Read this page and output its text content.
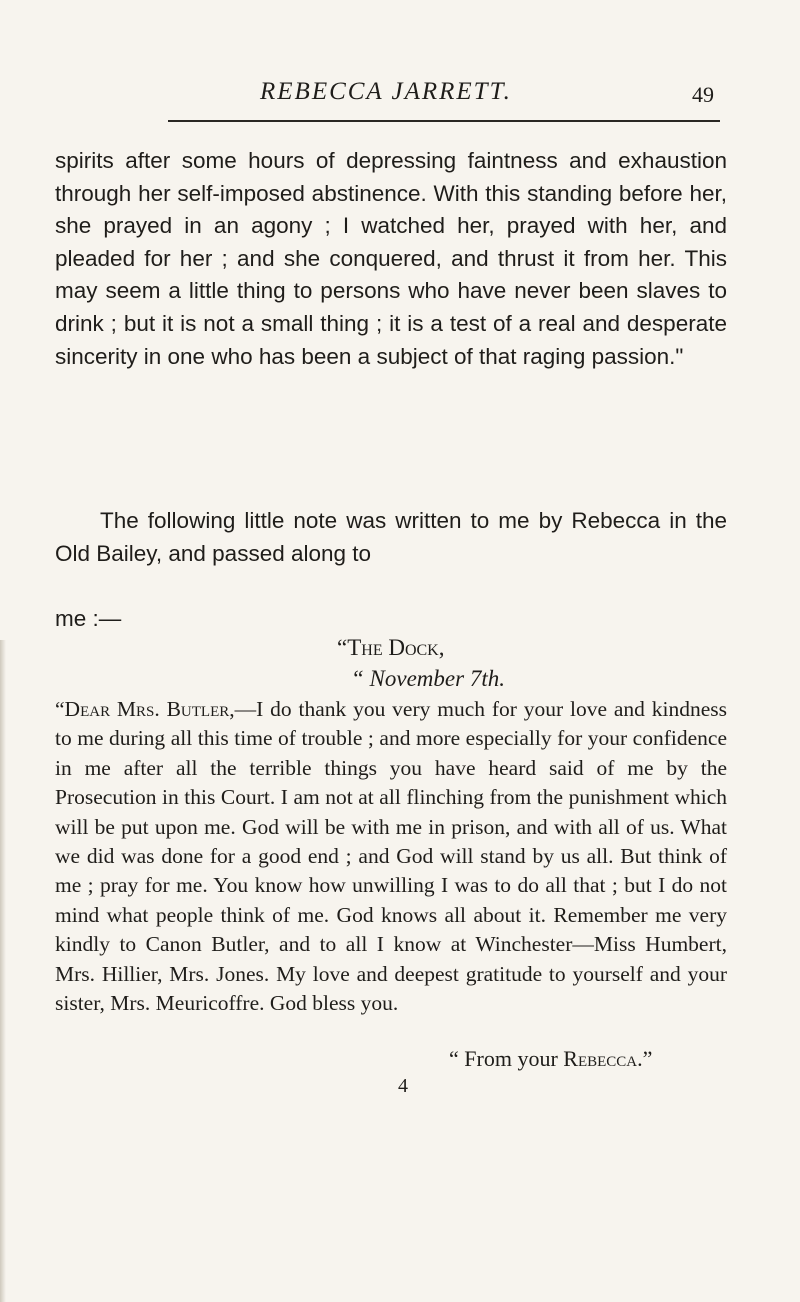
REBECCA JARRETT.	49

spirits after some hours of depressing faintness and exhaustion through her self-imposed abstinence. With this standing before her, she prayed in an agony ; I watched her, prayed with her, and pleaded for her ; and she conquered, and thrust it from her. This may seem a little thing to persons who have never been slaves to drink ; but it is not a small thing ; it is a test of a real and desperate sincerity in one who has been a subject of that raging passion."

The following little note was written to me by Rebecca in the Old Bailey, and passed along to

me :—

“The Dock,
“ November 7th.

“Dear Mrs. Butler,—I do thank you very much for your love and kindness to me during all this time of trouble ; and more especially for your confidence in me after all the terrible things you have heard said of me by the Prosecution in this Court. I am not at all flinching from the punishment which will be put upon me. God will be with me in prison, and with all of us. What we did was done for a good end ; and God will stand by us all. But think of me ; pray for me. You know how unwilling I was to do all that ; but I do not mind what people think of me. God knows all about it. Remember me very kindly to Canon Butler, and to all I know at Winchester—Miss Humbert, Mrs. Hillier, Mrs. Jones. My love and deepest gratitude to yourself and your sister, Mrs. Meuricoffre. God bless you.

“ From your Rebecca.”
4
